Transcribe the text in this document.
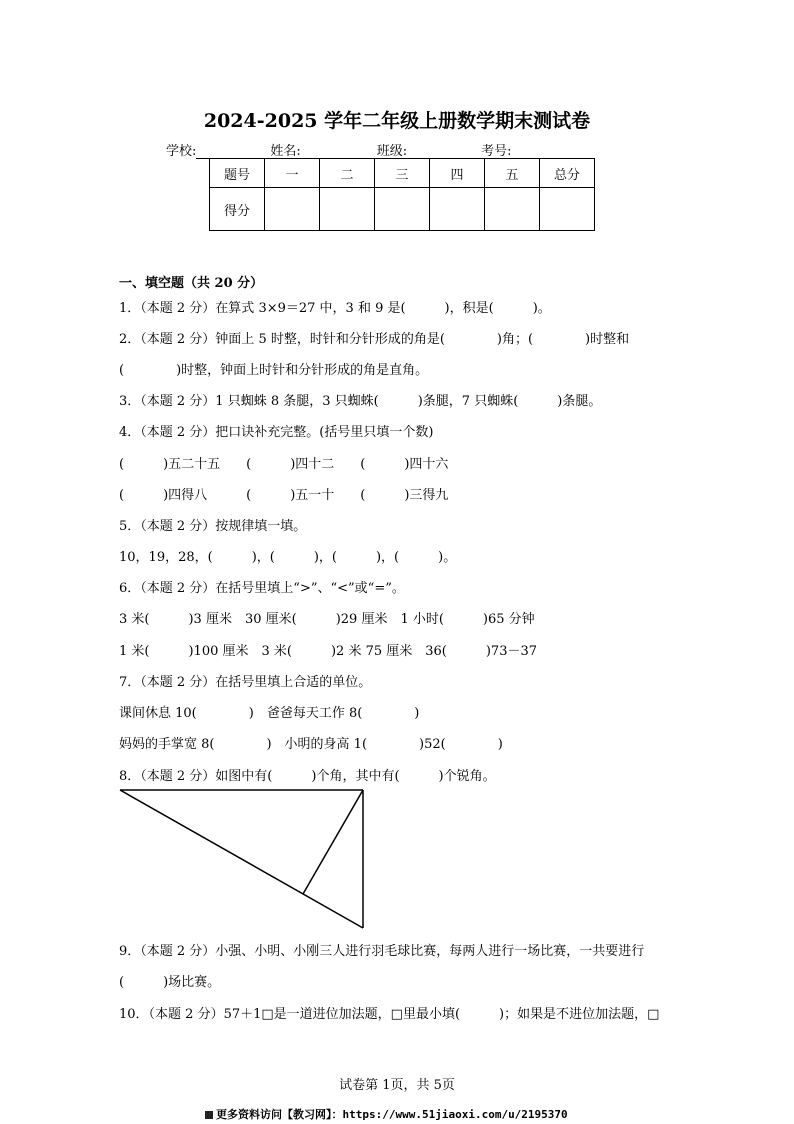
2024-2025 学年二年级上册数学期末测试卷
学校:	姓名:	班级:	考号:
题号	一	二	三	四	五	总分
得分						
一、填空题（共 20 分）
1．（本题 2 分）在算式 3×9＝27 中，3 和 9 是(　　　)，积是(　　　)。
2．（本题 2 分）钟面上 5 时整，时针和分针形成的角是(　　　　)角；(　　　　)时整和
(　　　　)时整，钟面上时针和分针形成的角是直角。
3．（本题 2 分）1 只蜘蛛 8 条腿，3 只蜘蛛(　　　)条腿，7 只蜘蛛(　　　)条腿。
4．（本题 2 分）把口诀补充完整。(括号里只填一个数)
(　　　)五二十五　　(　　　)四十二　　(　　　)四十六
(　　　)四得八　　　(　　　)五一十　　(　　　)三得九
5．（本题 2 分）按规律填一填。
10，19，28，(　　　)，(　　　)，(　　　)，(　　　)。
6．（本题 2 分）在括号里填上“>”、“<”或“=”。
3 米(　　　)3 厘米　30 厘米(　　　)29 厘米　1 小时(　　　)65 分钟
1 米(　　　)100 厘米　3 米(　　　)2 米 75 厘米　36(　　　)73－37
7．（本题 2 分）在括号里填上合适的单位。
课间休息 10(　　　　)　爸爸每天工作 8(　　　　)
妈妈的手掌宽 8(　　　　)　小明的身高 1(　　　　)52(　　　　)
8．（本题 2 分）如图中有(　　　)个角，其中有(　　　)个锐角。
9．（本题 2 分）小强、小明、小刚三人进行羽毛球比赛，每两人进行一场比赛，一共要进行
(　　　)场比赛。
10．（本题 2 分）57＋1□是一道进位加法题，□里最小填(　　　)；如果是不进位加法题，□
试卷第 1页，共 5页
更多资料访问【教习网】：https://www.51jiaoxi.com/u/2195370
